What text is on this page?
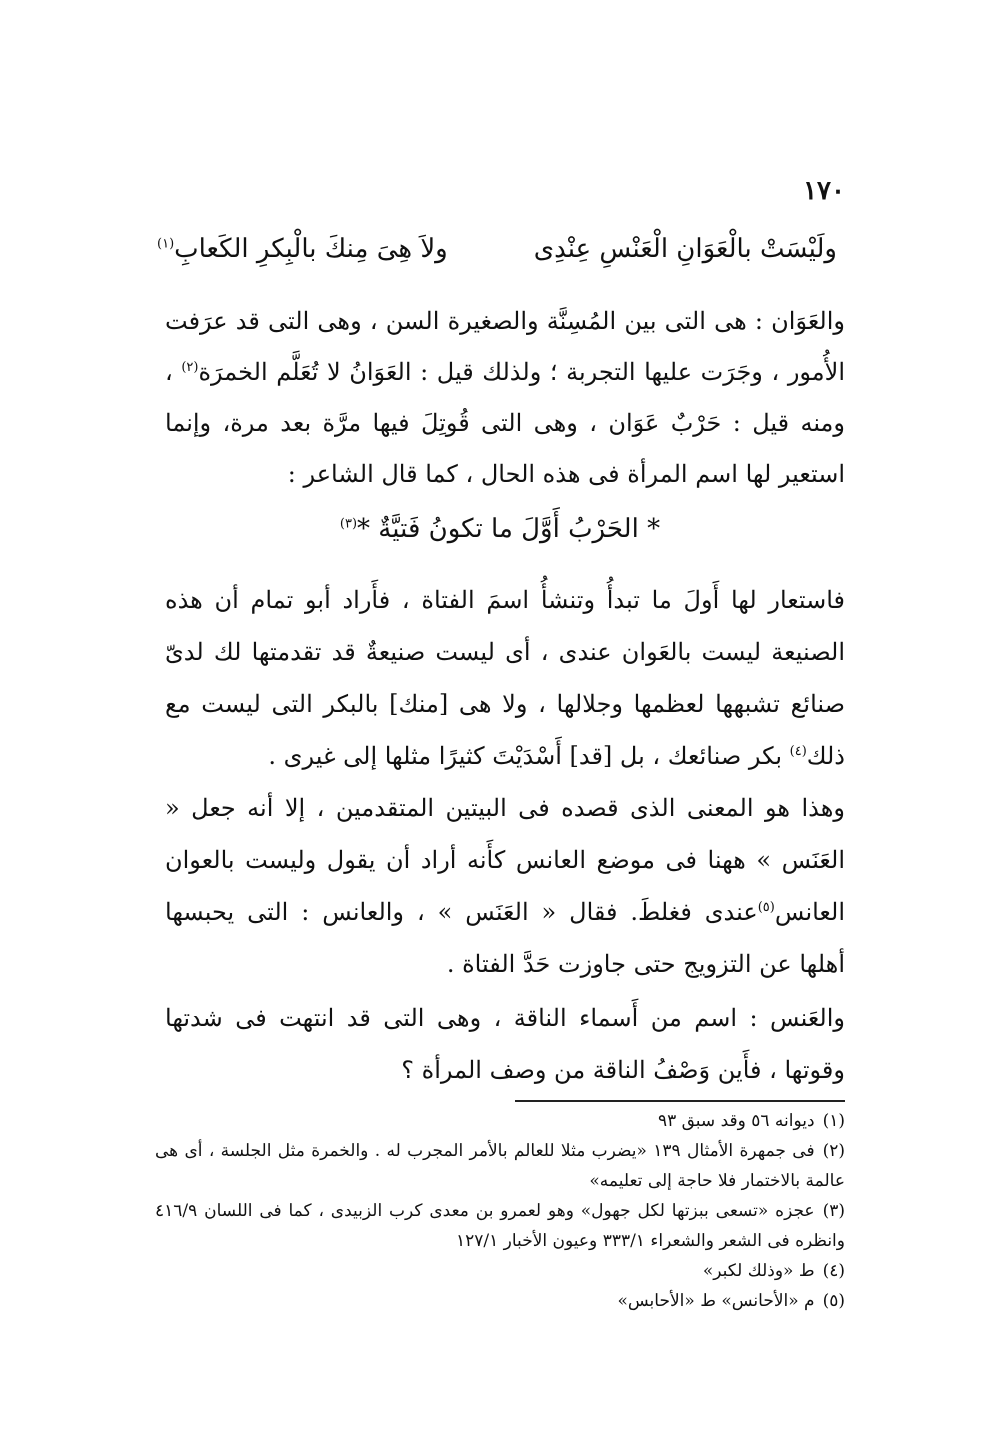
١٧٠
ولَيْسَتْ بالْعَوَانِ الْعَنْسِ عِنْدِى
ولاَ هِىَ مِنكَ بالْبِكرِ الكَعابِ$^{(١)}$
والعَوَان : هى التى بين المُسِنَّة والصغيرة السن ، وهى التى قد عرَفت الأُمور ، وجَرَت عليها التجربة ؛ ولذلك قيل : العَوَانُ لا تُعَلَّم الخمرَة$^{(٢)}$ ، ومنه قيل : حَرْبٌ عَوَان ، وهى التى قُوتِلَ فيها مرَّة بعد مرة، وإنما استعير لها اسم المرأة فى هذه الحال ، كما قال الشاعر :
* الحَرْبُ أَوَّلَ ما تكونُ فَتيَّةٌ *$^{(٣)}$
فاستعار لها أَولَ ما تبدأُ وتنشأُ اسمَ الفتاة ، فأَراد أبو تمام أن هذه الصنيعة ليست بالعَوان عندى ، أى ليست صنيعةٌ قد تقدمتها لك لدىّ صنائع تشبهها لعظمها وجلالها ، ولا هى [منك] بالبكر التى ليست مع ذلك$^{(٤)}$ بكر صنائعك ، بل [قد] أَسْدَيْتَ كثيرًا مثلها إلى غيرى .
وهذا هو المعنى الذى قصده فى البيتين المتقدمين ، إلا أنه جعل « العَنَس » ههنا فى موضع العانس كأَنه أراد أن يقول وليست بالعوان العانس$^{(٥)}$عندى فغلطَ. فقال « العَنَس » ، والعانس : التى يحبسها أهلها عن التزويج حتى جاوزت حَدَّ الفتاة .
والعَنس : اسم من أَسماء الناقة ، وهى التى قد انتهت فى شدتها وقوتها ، فأَين وَصْفُ الناقة من وصف المرأة ؟
(١)ديوانه ٥٦ وقد سبق ٩٣
(٢)فى جمهرة الأمثال ١٣٩ «يضرب مثلا للعالم بالأمر المجرب له . والخمرة مثل الجلسة ، أى هى عالمة بالاختمار فلا حاجة إلى تعليمه»
(٣)عجزه «تسعى ببزتها لكل جهول» وهو لعمرو بن معدى كرب الزبيدى ، كما فى اللسان ٤١٦/٩ وانظره فى الشعر والشعراء ٣٣٣/١ وعيون الأخبار ١٢٧/١
(٤)ط «وذلك لكبر»
(٥)م «الأحانس» ط «الأحابس»
